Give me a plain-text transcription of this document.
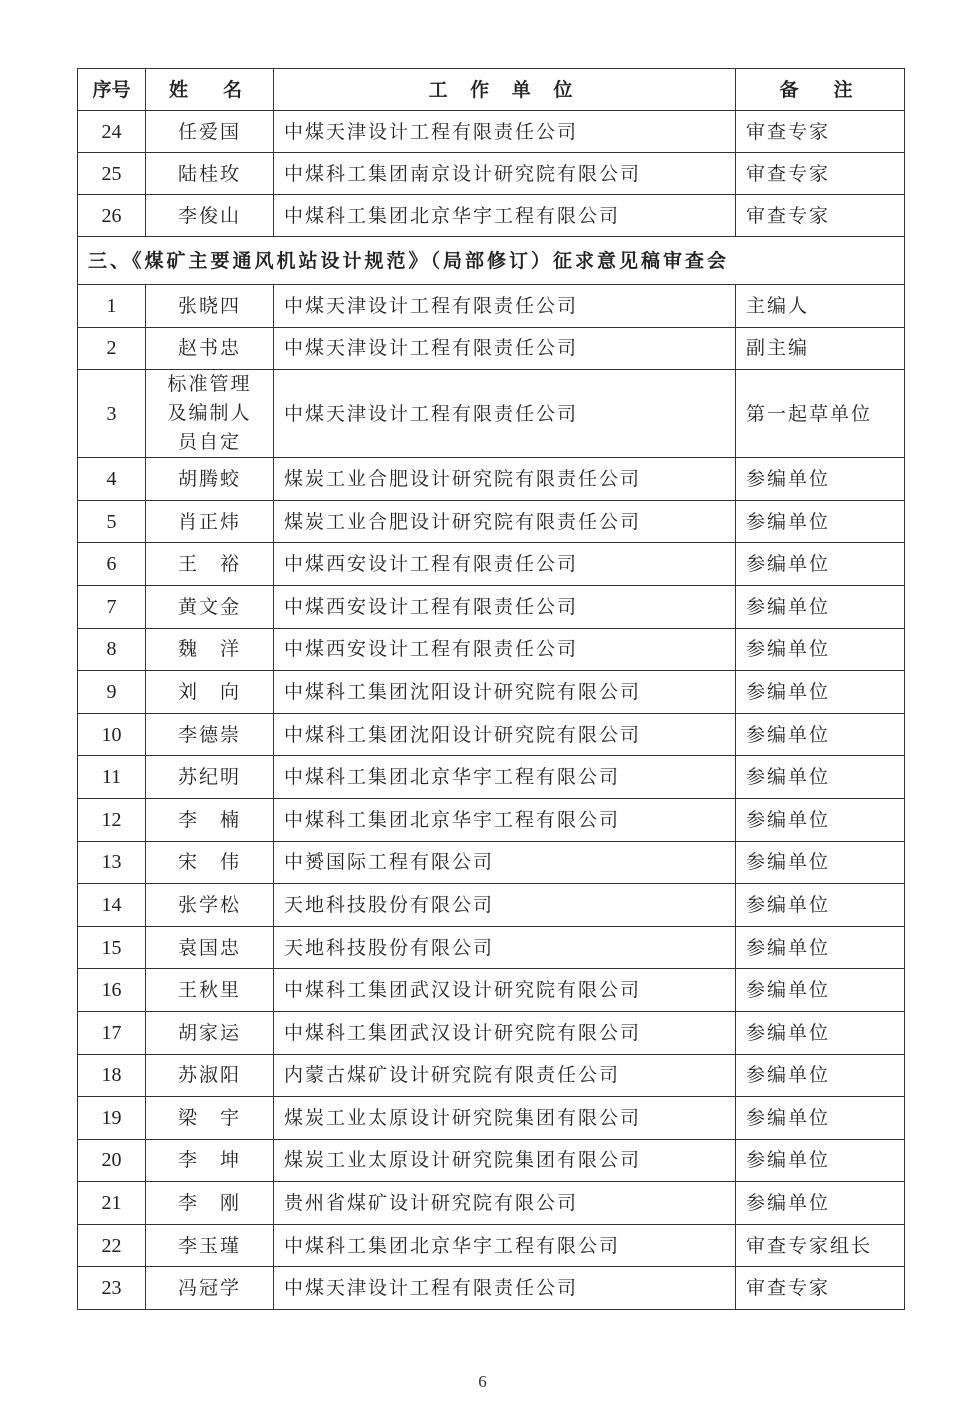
序号	姓　名	工 作 单 位	备　注
24	任爱国	中煤天津设计工程有限责任公司	审查专家
25	陆桂玫	中煤科工集团南京设计研究院有限公司	审查专家
26	李俊山	中煤科工集团北京华宇工程有限公司	审查专家
三、《煤矿主要通风机站设计规范》（局部修订）征求意见稿审查会			
1	张晓四	中煤天津设计工程有限责任公司	主编人
2	赵书忠	中煤天津设计工程有限责任公司	副主编
3	标准管理及编制人员自定	中煤天津设计工程有限责任公司	第一起草单位
4	胡腾蛟	煤炭工业合肥设计研究院有限责任公司	参编单位
5	肖正炜	煤炭工业合肥设计研究院有限责任公司	参编单位
6	王　裕	中煤西安设计工程有限责任公司	参编单位
7	黄文金	中煤西安设计工程有限责任公司	参编单位
8	魏　洋	中煤西安设计工程有限责任公司	参编单位
9	刘　向	中煤科工集团沈阳设计研究院有限公司	参编单位
10	李德崇	中煤科工集团沈阳设计研究院有限公司	参编单位
11	苏纪明	中煤科工集团北京华宇工程有限公司	参编单位
12	李　楠	中煤科工集团北京华宇工程有限公司	参编单位
13	宋　伟	中赟国际工程有限公司	参编单位
14	张学松	天地科技股份有限公司	参编单位
15	袁国忠	天地科技股份有限公司	参编单位
16	王秋里	中煤科工集团武汉设计研究院有限公司	参编单位
17	胡家运	中煤科工集团武汉设计研究院有限公司	参编单位
18	苏淑阳	内蒙古煤矿设计研究院有限责任公司	参编单位
19	梁　宇	煤炭工业太原设计研究院集团有限公司	参编单位
20	李　坤	煤炭工业太原设计研究院集团有限公司	参编单位
21	李　刚	贵州省煤矿设计研究院有限公司	参编单位
22	李玉瑾	中煤科工集团北京华宇工程有限公司	审查专家组长
23	冯冠学	中煤天津设计工程有限责任公司	审查专家
6
